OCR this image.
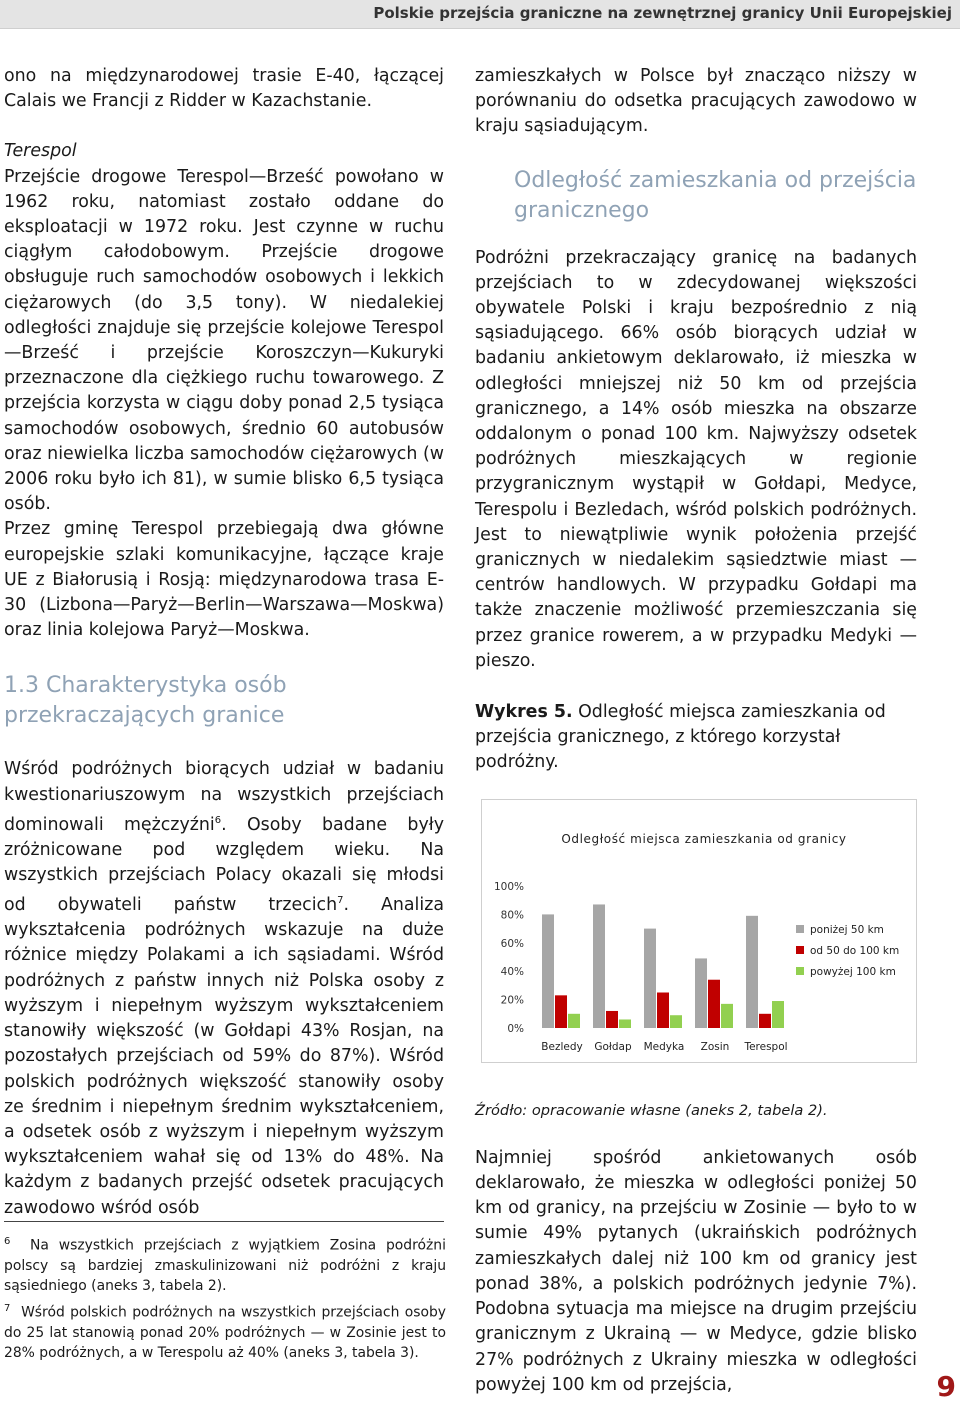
Polskie przejścia graniczne na zewnętrznej granicy Unii Europejskiej

ono na międzynarodowej trasie E-40, łączącej Calais we Francji z Ridder w Kazachstanie.

Terespol

Przejście drogowe Terespol—Brześć powołano w 1962 roku, natomiast zostało oddane do eksploatacji w 1972 roku. Jest czynne w ruchu ciągłym całodobowym. Przejście drogowe obsługuje ruch samochodów osobowych i lekkich ciężarowych (do 3,5 tony). W niedalekiej odległości znajduje się przejście kolejowe Terespol—Brześć i przejście Koroszczyn—Kukuryki przeznaczone dla ciężkiego ruchu towarowego. Z przejścia korzysta w ciągu doby ponad 2,5 tysiąca samochodów osobowych, średnio 60 autobusów oraz niewielka liczba samochodów ciężarowych (w 2006 roku było ich 81), w sumie blisko 6,5 tysiąca osób.

Przez gminę Terespol przebiegają dwa główne europejskie szlaki komunikacyjne, łączące kraje UE z Białorusią i Rosją: międzynarodowa trasa E-30 (Lizbona—Paryż—Berlin—Warszawa—Moskwa) oraz linia kolejowa Paryż—Moskwa.

1.3 Charakterystyka osób przekraczających granice

Wśród podróżnych biorących udział w badaniu kwestionariuszowym na wszystkich przejściach dominowali mężczyźni$^6$. Osoby badane były zróżnicowane pod względem wieku. Na wszystkich przejściach Polacy okazali się młodsi od obywateli państw trzecich$^7$. Analiza wykształcenia podróżnych wskazuje na duże różnice między Polakami a ich sąsiadami. Wśród podróżnych z państw innych niż Polska osoby z wyższym i niepełnym wyższym wykształceniem stanowiły większość (w Gołdapi 43% Rosjan, na pozostałych przejściach od 59% do 87%). Wśród polskich podróżnych większość stanowiły osoby ze średnim i niepełnym średnim wykształceniem, a odsetek osób z wyższym i niepełnym wyższym wykształceniem wahał się od 13% do 48%. Na każdym z badanych przejść odsetek pracujących zawodowo wśród osób

$^6$ Na wszystkich przejściach z wyjątkiem Zosina podróżni polscy są bardziej zmaskulinizowani niż podróżni z kraju sąsiedniego (aneks 3, tabela 2).

$^7$ Wśród polskich podróżnych na wszystkich przejściach osoby do 25 lat stanowią ponad 20% podróżnych — w Zosinie jest to 28% podróżnych, a w Terespolu aż 40% (aneks 3, tabela 3).

zamieszkałych w Polsce był znacząco niższy w porównaniu do odsetka pracujących zawodowo w kraju sąsiadującym.

Odległość zamieszkania od przejścia granicznego

Podróżni przekraczający granicę na badanych przejściach to w zdecydowanej większości obywatele Polski i kraju bezpośrednio z nią sąsiadującego. 66% osób biorących udział w badaniu ankietowym deklarowało, iż mieszka w odległości mniejszej niż 50 km od przejścia granicznego, a 14% osób mieszka na obszarze oddalonym o ponad 100 km. Najwyższy odsetek podróżnych mieszkających w regionie przygranicznym wystąpił w Gołdapi, Medyce, Terespolu i Bezledach, wśród polskich podróżnych. Jest to niewątpliwie wynik położenia przejść granicznych w niedalekim sąsiedztwie miast — centrów handlowych. W przypadku Gołdapi ma także znaczenie możliwość przemieszczania się przez granice rowerem, a w przypadku Medyki — pieszo.

Wykres 5. Odległość miejsca zamieszkania od przejścia granicznego, z którego korzystał podróżny.

Odległość miejsca zamieszkania od granicy
0%
20%
40%
60%
80%
100%
Bezledy Gołdap Medyka Zosin Terespol
poniżej 50 km
od 50 do 100 km
powyżej 100 km

Źródło: opracowanie własne (aneks 2, tabela 2).

Najmniej spośród ankietowanych osób deklarowało, że mieszka w odległości poniżej 50 km od granicy, na przejściu w Zosinie — było to w sumie 49% pytanych (ukraińskich podróżnych zamieszkałych dalej niż 100 km od granicy jest ponad 38%, a polskich podróżnych jedynie 7%). Podobna sytuacja ma miejsce na drugim przejściu granicznym z Ukrainą — w Medyce, gdzie blisko 27% podróżnych z Ukrainy mieszka w odległości powyżej 100 km od przejścia,	9
